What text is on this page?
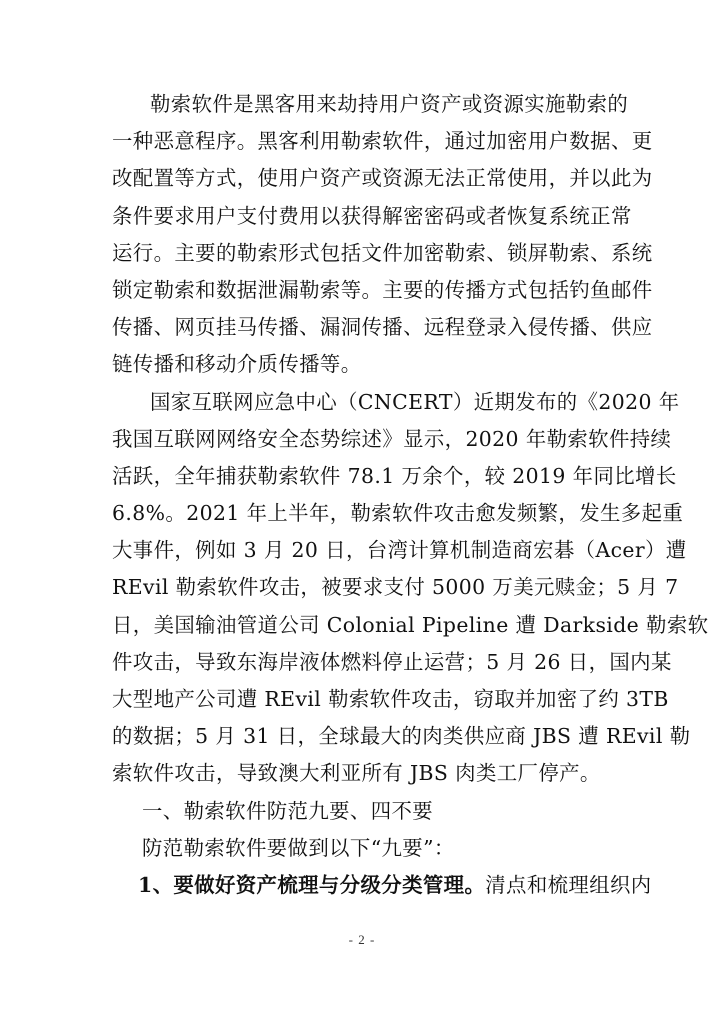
勒索软件是黑客用来劫持用户资产或资源实施勒索的
一种恶意程序。黑客利用勒索软件，通过加密用户数据、更
改配置等方式，使用户资产或资源无法正常使用，并以此为
条件要求用户支付费用以获得解密密码或者恢复系统正常
运行。主要的勒索形式包括文件加密勒索、锁屏勒索、系统
锁定勒索和数据泄漏勒索等。主要的传播方式包括钓鱼邮件
传播、网页挂马传播、漏洞传播、远程登录入侵传播、供应
链传播和移动介质传播等。
国家互联网应急中心（CNCERT）近期发布的《2020 年
我国互联网网络安全态势综述》显示，2020 年勒索软件持续
活跃，全年捕获勒索软件 78.1 万余个，较 2019 年同比增长
6.8%。2021 年上半年，勒索软件攻击愈发频繁，发生多起重
大事件，例如 3 月 20 日，台湾计算机制造商宏碁（Acer）遭
REvil 勒索软件攻击，被要求支付 5000 万美元赎金；5 月 7
日，美国输油管道公司 Colonial Pipeline 遭 Darkside 勒索软
件攻击，导致东海岸液体燃料停止运营；5 月 26 日，国内某
大型地产公司遭 REvil 勒索软件攻击，窃取并加密了约 3TB
的数据；5 月 31 日，全球最大的肉类供应商 JBS 遭 REvil 勒
索软件攻击，导致澳大利亚所有 JBS 肉类工厂停产。
一、勒索软件防范九要、四不要
防范勒索软件要做到以下“九要”：
1、要做好资产梳理与分级分类管理。清点和梳理组织内
- 2 -
